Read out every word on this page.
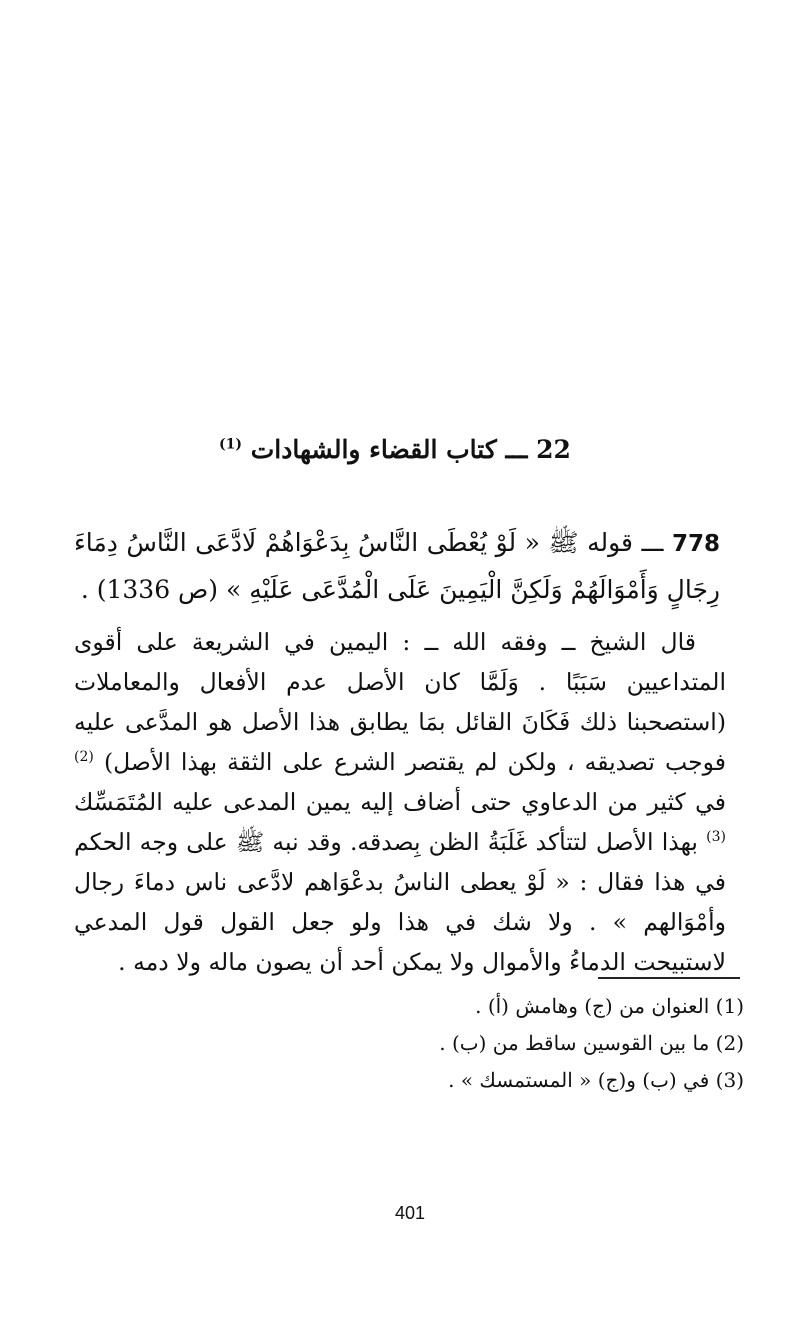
22 ـــ كتاب القضاء والشهادات $^{(1)}$
778 ـــ قوله ﷺ « لَوْ يُعْطَى النَّاسُ بِدَعْوَاهُمْ لَادَّعَى النَّاسُ دِمَاءَ رِجَالٍ وَأَمْوَالَهُمْ وَلَكِنَّ الْيَمِينَ عَلَى الْمُدَّعَى عَلَيْهِ » (ص 1336) .

قال الشيخ ــ وفقه الله ــ : اليمين في الشريعة على أقوى المتداعيين سَبَبًا . وَلَمَّا كان الأصل عدم الأفعال والمعاملات (استصحبنا ذلك فَكَانَ القائل بمَا يطابق هذا الأصل هو المدَّعى عليه فوجب تصديقه ، ولكن لم يقتصر الشرع على الثقة بهذا الأصل) $^{(2)}$ في كثير من الدعاوي حتى أضاف إليه يمين المدعى عليه المُتَمَسِّك $^{(3)}$ بهذا الأصل لتتأكد غَلَبَةُ الظن بِصدقه. وقد نبه ﷺ على وجه الحكم في هذا فقال : « لَوْ يعطى الناسُ بدعْوَاهم لادَّعى ناس دماءَ رجال وأمْوَالهم » . ولا شك في هذا ولو جعل القول قول المدعي لاستبيحت الدماءُ والأموال ولا يمكن أحد أن يصون ماله ولا دمه .

(1) العنوان من (ج) وهامش (أ) .
(2) ما بين القوسين ساقط من (ب) .
(3) في (ب) و(ج) « المستمسك » .
401
